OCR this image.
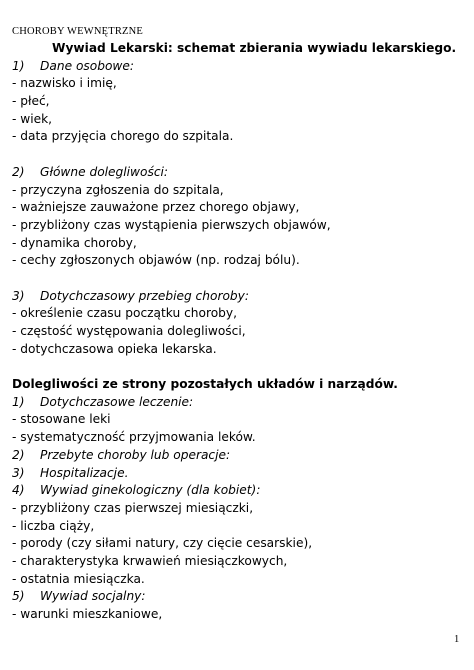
CHOROBY WEWNĘTRZNE
Wywiad Lekarski: schemat zbierania wywiadu lekarskiego.
1) Dane osobowe:
- nazwisko i imię,
- płeć,
- wiek,
- data przyjęcia chorego do szpitala.
2) Główne dolegliwości:
- przyczyna zgłoszenia do szpitala,
- ważniejsze zauważone przez chorego objawy,
- przybliżony czas wystąpienia pierwszych objawów,
- dynamika choroby,
- cechy zgłoszonych objawów (np. rodzaj bólu).
3) Dotychczasowy przebieg choroby:
- określenie czasu początku choroby,
- częstość występowania dolegliwości,
- dotychczasowa opieka lekarska.
Dolegliwości ze strony pozostałych układów i narządów.
1) Dotychczasowe leczenie:
- stosowane leki
- systematyczność przyjmowania leków.
2) Przebyte choroby lub operacje:
3) Hospitalizacje.
4) Wywiad ginekologiczny (dla kobiet):
- przybliżony czas pierwszej miesiączki,
- liczba ciąży,
- porody (czy siłami natury, czy cięcie cesarskie),
- charakterystyka krwawień miesiączkowych,
- ostatnia miesiączka.
5) Wywiad socjalny:
- warunki mieszkaniowe,
1
